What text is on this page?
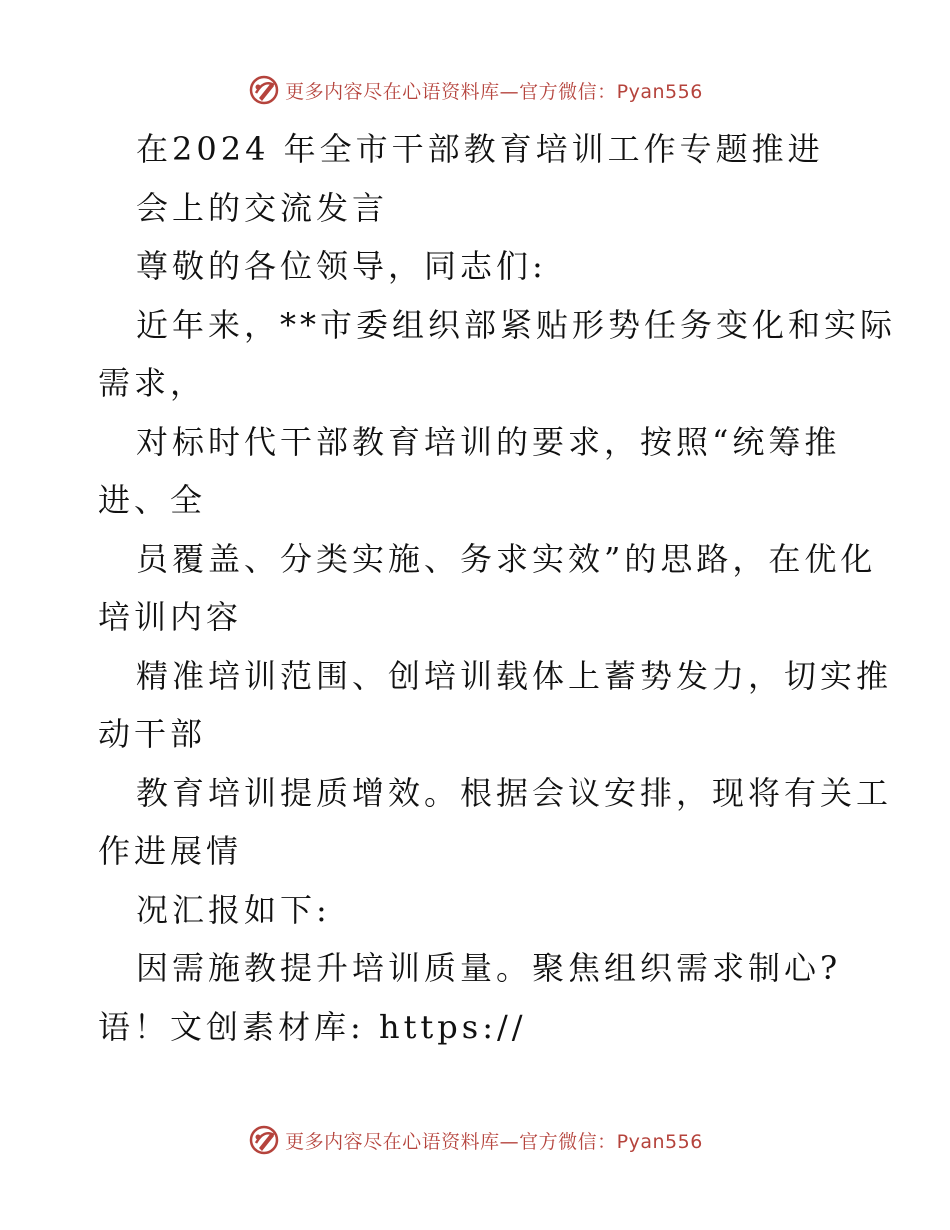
更多内容尽在心语资料库—官方微信：Pyan556

在2024 年全市干部教育培训工作专题推进

会上的交流发言

尊敬的各位领导，同志们:

近年来，**市委组织部紧贴形势任务变化和实际

需求，

对标时代干部教育培训的要求，按照“统筹推

进、全

员覆盖、分类实施、务求实效”的思路，在优化

培训内容

精准培训范围、创培训载体上蓄势发力，切实推

动干部

教育培训提质增效。根据会议安排，现将有关工

作进展情

况汇报如下:

因需施教提升培训质量。聚焦组织需求制心?

语！文创素材库: https://

更多内容尽在心语资料库—官方微信：Pyan556
